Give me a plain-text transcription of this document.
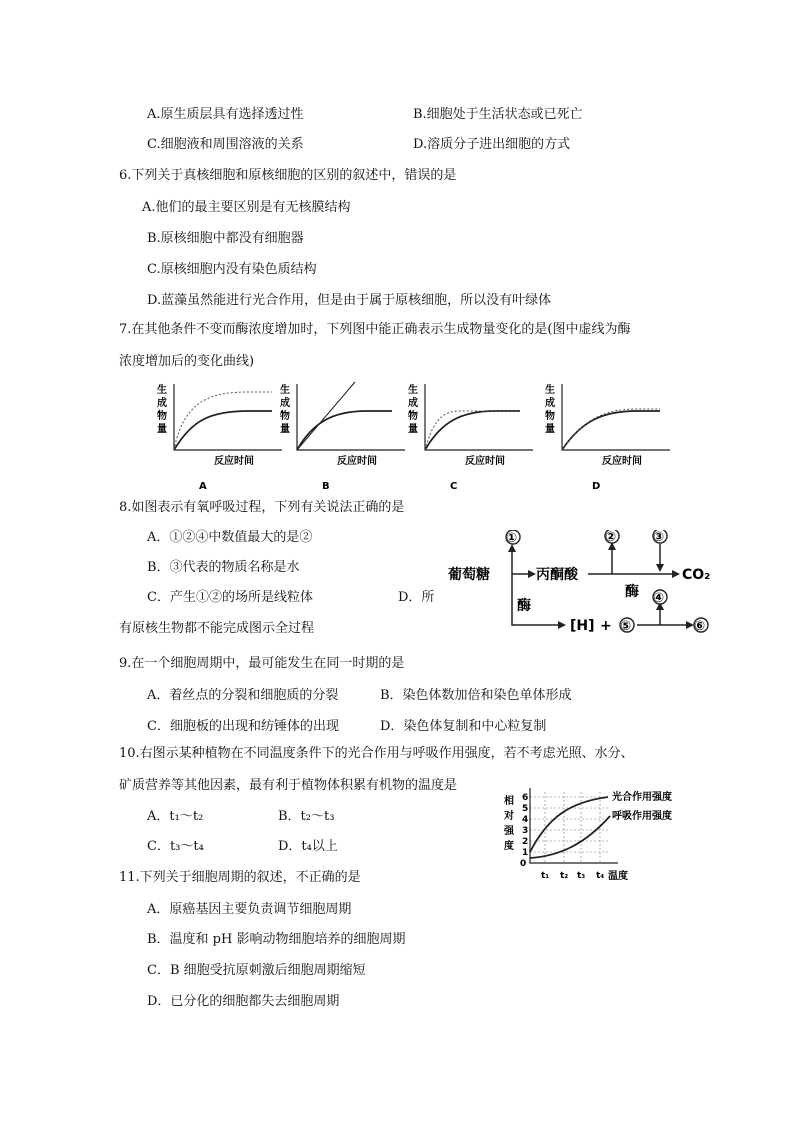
A.原生质层具有选择透过性	B.细胞处于生活状态或已死亡
C.细胞液和周围溶液的关系	D.溶质分子进出细胞的方式
6.下列关于真核细胞和原核细胞的区别的叙述中，错误的是
A.他们的最主要区别是有无核膜结构
B.原核细胞中都没有细胞器
C.原核细胞内没有染色质结构
D.蓝藻虽然能进行光合作用，但是由于属于原核细胞，所以没有叶绿体
7.在其他条件不变而酶浓度增加时，下列图中能正确表示生成物量变化的是(图中虚线为酶
浓度增加后的变化曲线)
生
成
物
量
反应时间
A
生
成
物
量
反应时间
B
生
成
物
量
反应时间
C
生
成
物
量
反应时间
D
8.如图表示有氧呼吸过程，下列有关说法正确的是
A．①②④中数值最大的是②
B．③代表的物质名称是水
C．产生①②的场所是线粒体	D．所
有原核生物都不能完成图示全过程
葡萄糖
①
酶
丙酮酸	CO₂
②	③
酶
[H] + ⑤	⑥
④
9.在一个细胞周期中，最可能发生在同一时期的是
A．着丝点的分裂和细胞质的分裂	B．染色体数加倍和染色单体形成
C．细胞板的出现和纺锤体的出现	D．染色体复制和中心粒复制
10.右图示某种植物在不同温度条件下的光合作用与呼吸作用强度，若不考虑光照、水分、
矿质营养等其他因素，最有利于植物体积累有机物的温度是
A．t₁～t₂	B．t₂～t₃
C．t₃～t₄	D．t₄以上
相
对
强
度
0
1
2
3
4
5
6
t₁ t₂ t₃ t₄ 温度
光合作用强度
呼吸作用强度
11.下列关于细胞周期的叙述，不正确的是
A．原癌基因主要负责调节细胞周期
B．温度和 pH 影响动物细胞培养的细胞周期
C．B 细胞受抗原刺激后细胞周期缩短
D．已分化的细胞都失去细胞周期
